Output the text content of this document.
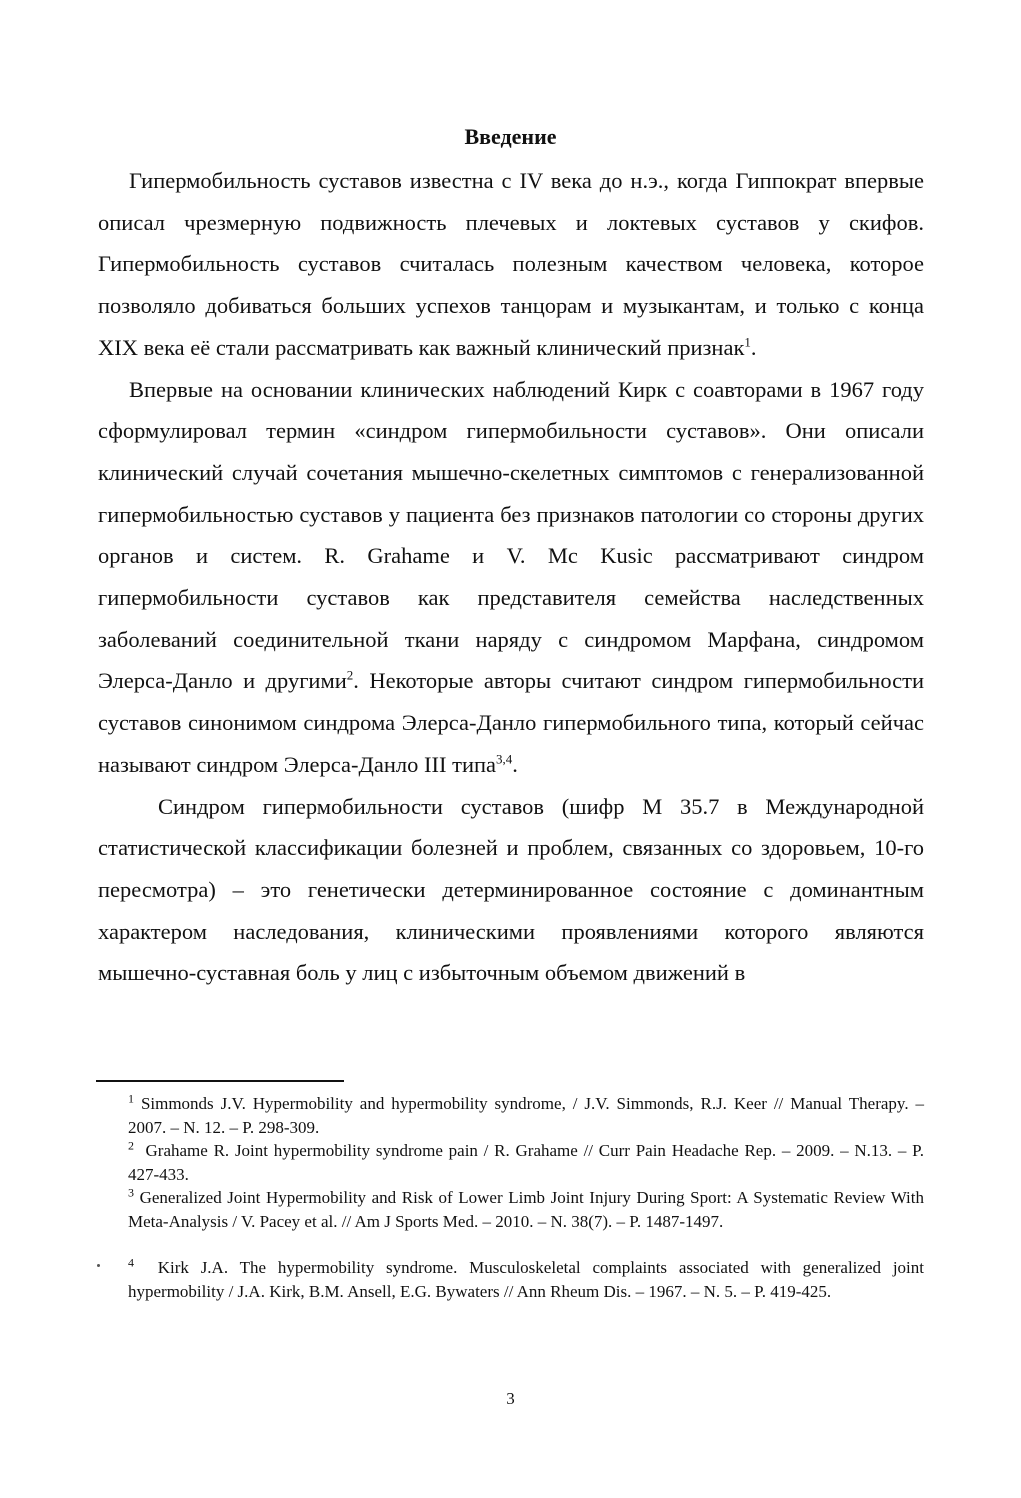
Введение

Гипермобильность суставов известна с IV века до н.э., когда Гиппократ впервые описал чрезмерную подвижность плечевых и локтевых суставов у скифов. Гипермобильность суставов считалась полезным качеством человека, которое позволяло добиваться больших успехов танцорам и музыкантам, и только с конца XIX века её стали рассматривать как важный клинический признак$^1$.

Впервые на основании клинических наблюдений Кирк с соавторами в 1967 году сформулировал термин «синдром гипермобильности суставов». Они описали клинический случай сочетания мышечно-скелетных симптомов с генерализованной гипермобильностью суставов у пациента без признаков патологии со стороны других органов и систем. R. Grahame и V. Mc Kusic рассматривают синдром гипермобильности суставов как представителя семейства наследственных заболеваний соединительной ткани наряду с синдромом Марфана, синдромом Элерса-Данло и другими$^2$. Некоторые авторы считают синдром гипермобильности суставов синонимом синдрома Элерса-Данло гипермобильного типа, который сейчас называют синдром Элерса-Данло III типа$^{3,4}$.

Синдром гипермобильности суставов (шифр М 35.7 в Международной статистической классификации болезней и проблем, связанных со здоровьем, 10-го пересмотра) – это генетически детерминированное состояние с доминантным характером наследования, клиническими проявлениями которого являются мышечно-суставная боль у лиц с избыточным объемом движений в

$^1$ Simmonds J.V. Hypermobility and hypermobility syndrome, / J.V. Simmonds, R.J. Keer // Manual Therapy. – 2007. – N. 12. – P. 298-309.

$^2$ Grahame R. Joint hypermobility syndrome pain / R. Grahame // Curr Pain Headache Rep. – 2009. – N.13. – P. 427-433.

$^3$ Generalized Joint Hypermobility and Risk of Lower Limb Joint Injury During Sport: A Systematic Review With Meta-Analysis / V. Pacey et al. // Am J Sports Med. – 2010. – N. 38(7). – P. 1487-1497.

$^4$ Kirk J.A. The hypermobility syndrome. Musculoskeletal complaints associated with generalized joint hypermobility / J.A. Kirk, B.M. Ansell, E.G. Bywaters // Ann Rheum Dis. – 1967. – N. 5. – P. 419-425.

3
